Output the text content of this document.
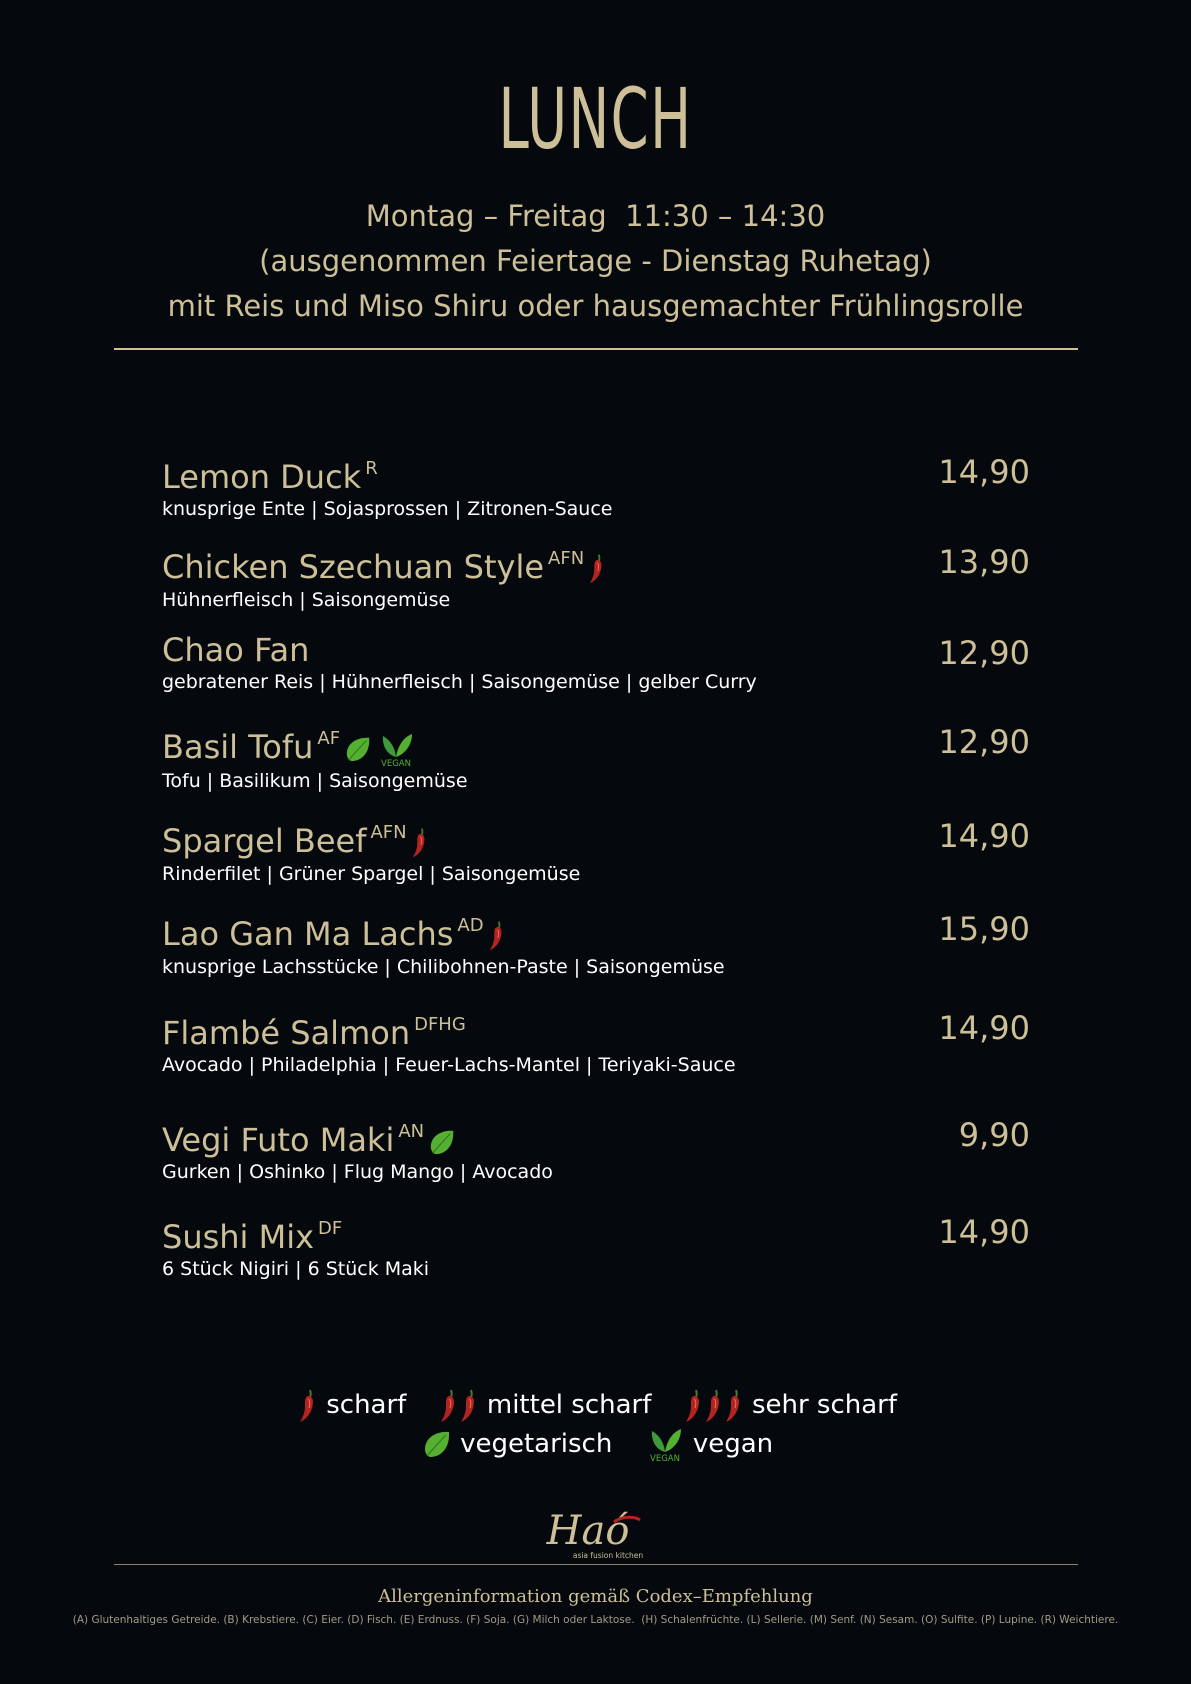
LUNCH
Montag – Freitag  11:30 – 14:30
(ausgenommen Feiertage - Dienstag Ruhetag)
mit Reis und Miso Shiru oder hausgemachter Frühlingsrolle
Lemon Duck $^R$
knusprige Ente | Sojasprossen | Zitronen-Sauce
14,90
Chicken Szechuan Style $^{AFN}$
Hühnerfleisch | Saisongemüse
13,90
Chao Fan
gebratener Reis | Hühnerfleisch | Saisongemüse | gelber Curry
12,90
Basil Tofu $^{AF}$
Tofu | Basilikum | Saisongemüse
12,90
Spargel Beef $^{AFN}$
Rinderfilet | Grüner Spargel | Saisongemüse
14,90
Lao Gan Ma Lachs $^{AD}$
knusprige Lachsstücke | Chilibohnen-Paste | Saisongemüse
15,90
Flambé Salmon $^{DFHG}$
Avocado | Philadelphia | Feuer-Lachs-Mantel | Teriyaki-Sauce
14,90
Vegi Futo Maki $^{AN}$
Gurken | Oshinko | Flug Mango | Avocado
9,90
Sushi Mix $^{DF}$
6 Stück Nigiri | 6 Stück Maki
14,90
scharf	mittel scharf	sehr scharf
vegetarisch	vegan
Haó
asia fusion kitchen
Allergeninformation gemäß Codex–Empfehlung
(A) Glutenhaltiges Getreide. (B) Krebstiere. (C) Eier. (D) Fisch. (E) Erdnuss. (F) Soja. (G) Milch oder Laktose.  (H) Schalenfrüchte. (L) Sellerie. (M) Senf. (N) Sesam. (O) Sulfite. (P) Lupine. (R) Weichtiere.
